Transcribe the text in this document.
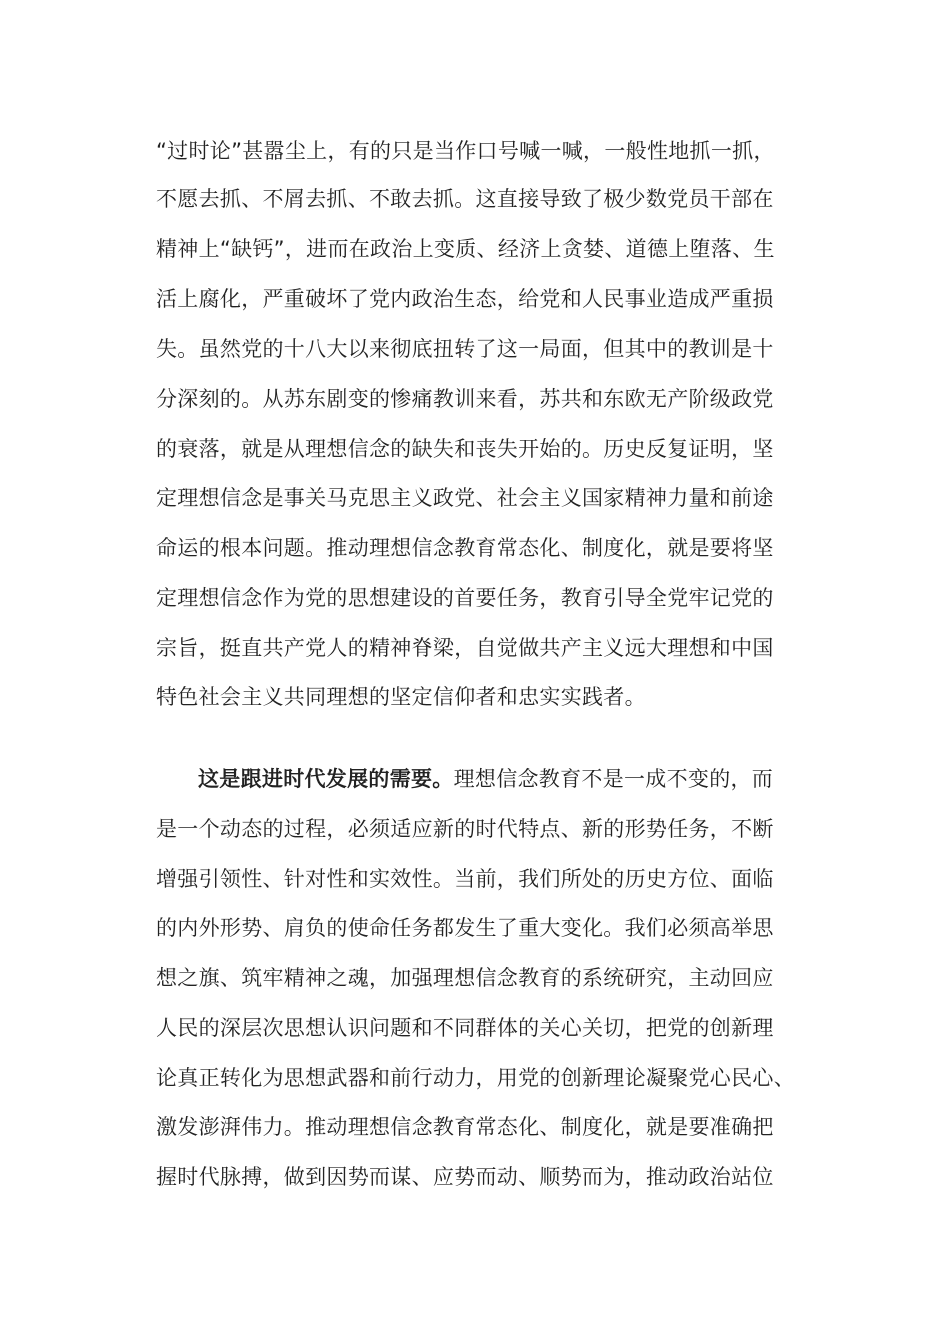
“过时论”甚嚣尘上，有的只是当作口号喊一喊，一般性地抓一抓，
不愿去抓、不屑去抓、不敢去抓。这直接导致了极少数党员干部在
精神上“缺钙”，进而在政治上变质、经济上贪婪、道德上堕落、生
活上腐化，严重破坏了党内政治生态，给党和人民事业造成严重损
失。虽然党的十八大以来彻底扭转了这一局面，但其中的教训是十
分深刻的。从苏东剧变的惨痛教训来看，苏共和东欧无产阶级政党
的衰落，就是从理想信念的缺失和丧失开始的。历史反复证明，坚
定理想信念是事关马克思主义政党、社会主义国家精神力量和前途
命运的根本问题。推动理想信念教育常态化、制度化，就是要将坚
定理想信念作为党的思想建设的首要任务，教育引导全党牢记党的
宗旨，挺直共产党人的精神脊梁，自觉做共产主义远大理想和中国
特色社会主义共同理想的坚定信仰者和忠实实践者。
这是跟进时代发展的需要。理想信念教育不是一成不变的，而
是一个动态的过程，必须适应新的时代特点、新的形势任务，不断
增强引领性、针对性和实效性。当前，我们所处的历史方位、面临
的内外形势、肩负的使命任务都发生了重大变化。我们必须高举思
想之旗、筑牢精神之魂，加强理想信念教育的系统研究，主动回应
人民的深层次思想认识问题和不同群体的关心关切，把党的创新理
论真正转化为思想武器和前行动力，用党的创新理论凝聚党心民心、
激发澎湃伟力。推动理想信念教育常态化、制度化，就是要准确把
握时代脉搏，做到因势而谋、应势而动、顺势而为，推动政治站位
